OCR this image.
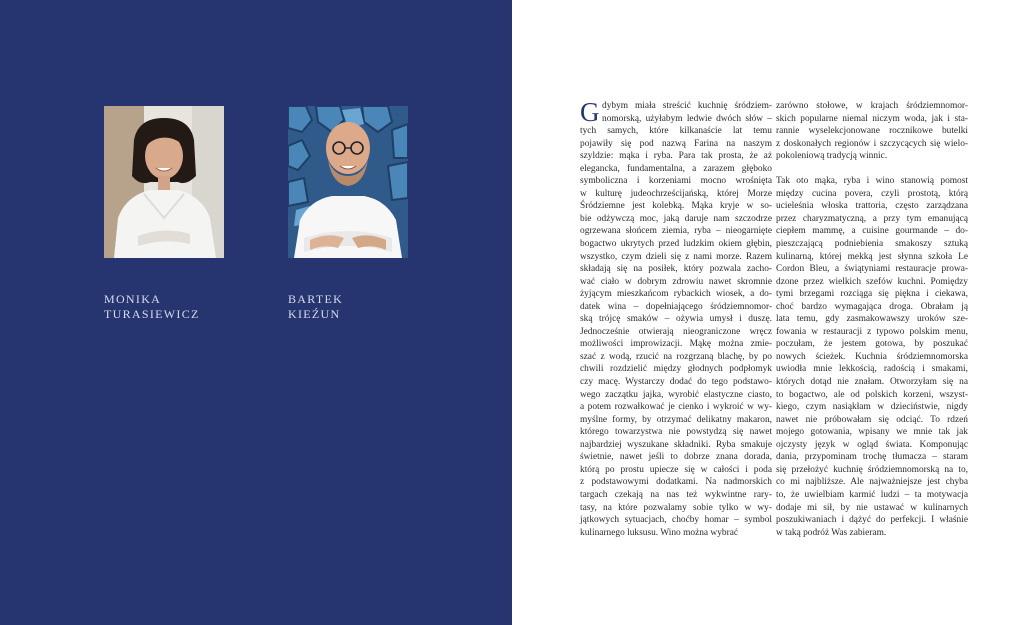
MONIKA
TURASIEWICZ
BARTEK
KIEŹUN
G dybym miała streścić kuchnię śródziem-
nomorską, użyłabym ledwie dwóch słów –
tych samych, które kilkanaście lat temu
pojawiły się pod nazwą Farina na naszym
szyldzie: mąka i ryba. Para tak prosta, że aż
elegancka, fundamentalna, a zarazem głęboko
symboliczna i korzeniami mocno wrośnięta
w kulturę judeochrześcijańską, której Morze
Śródziemne jest kolebką. Mąka kryje w so-
bie odżywczą moc, jaką daruje nam szczodrze
ogrzewana słońcem ziemia, ryba – nieogarnięte
bogactwo ukrytych przed ludzkim okiem głębin,
wszystko, czym dzieli się z nami morze. Razem
składają się na posiłek, który pozwala zacho-
wać ciało w dobrym zdrowiu nawet skromnie
żyjącym mieszkańcom rybackich wiosek, a do-
datek wina – dopełniającego śródziemnomor-
ską trójcę smaków – ożywia umysł i duszę.
Jednocześnie otwierają nieograniczone wręcz
możliwości improwizacji. Mąkę można zmie-
szać z wodą, rzucić na rozgrzaną blachę, by po
chwili rozdzielić między głodnych podpłomyk
czy macę. Wystarczy dodać do tego podstawo-
wego zaczątku jajka, wyrobić elastyczne ciasto,
a potem rozwałkować je cienko i wykroić w wy-
myślne formy, by otrzymać delikatny makaron,
którego towarzystwa nie powstydzą się nawet
najbardziej wyszukane składniki. Ryba smakuje
świetnie, nawet jeśli to dobrze znana dorada,
którą po prostu upiecze się w całości i poda
z podstawowymi dodatkami. Na nadmorskich
targach czekają na nas też wykwintne rary-
tasy, na które pozwalamy sobie tylko w wy-
jątkowych sytuacjach, choćby homar – symbol
kulinarnego luksusu. Wino można wybrać
zarówno stołowe, w krajach śródziemnomor-
skich popularne niemal niczym woda, jak i sta-
rannie wyselekcjonowane rocznikowe butelki
z doskonałych regionów i szczycących się wielo-
pokoleniową tradycją winnic.
Tak oto mąka, ryba i wino stanowią pomost
między cucina povera, czyli prostotą, którą
ucieleśnia włoska trattoria, często zarządzana
przez charyzmatyczną, a przy tym emanującą
ciepłem mammę, a cuisine gourmande – do-
pieszczającą podniebienia smakoszy sztuką
kulinarną, której mekką jest słynna szkoła Le
Cordon Bleu, a świątyniami restauracje prowa-
dzone przez wielkich szefów kuchni. Pomiędzy
tymi brzegami rozciąga się piękna i ciekawa,
choć bardzo wymagająca droga. Obrałam ją
lata temu, gdy zasmakowawszy uroków sze-
fowania w restauracji z typowo polskim menu,
poczułam, że jestem gotowa, by poszukać
nowych ścieżek. Kuchnia śródziemnomorska
uwiodła mnie lekkością, radością i smakami,
których dotąd nie znałam. Otworzyłam się na
to bogactwo, ale od polskich korzeni, wszyst-
kiego, czym nasiąkłam w dzieciństwie, nigdy
nawet nie próbowałam się odciąć. To rdzeń
mojego gotowania, wpisany we mnie tak jak
ojczysty język w ogląd świata. Komponując
dania, przypominam trochę tłumacza – staram
się przełożyć kuchnię śródziemnomorską na to,
co mi najbliższe. Ale najważniejsze jest chyba
to, że uwielbiam karmić ludzi – ta motywacja
dodaje mi sił, by nie ustawać w kulinarnych
poszukiwaniach i dążyć do perfekcji. I właśnie
w taką podróż Was zabieram.
